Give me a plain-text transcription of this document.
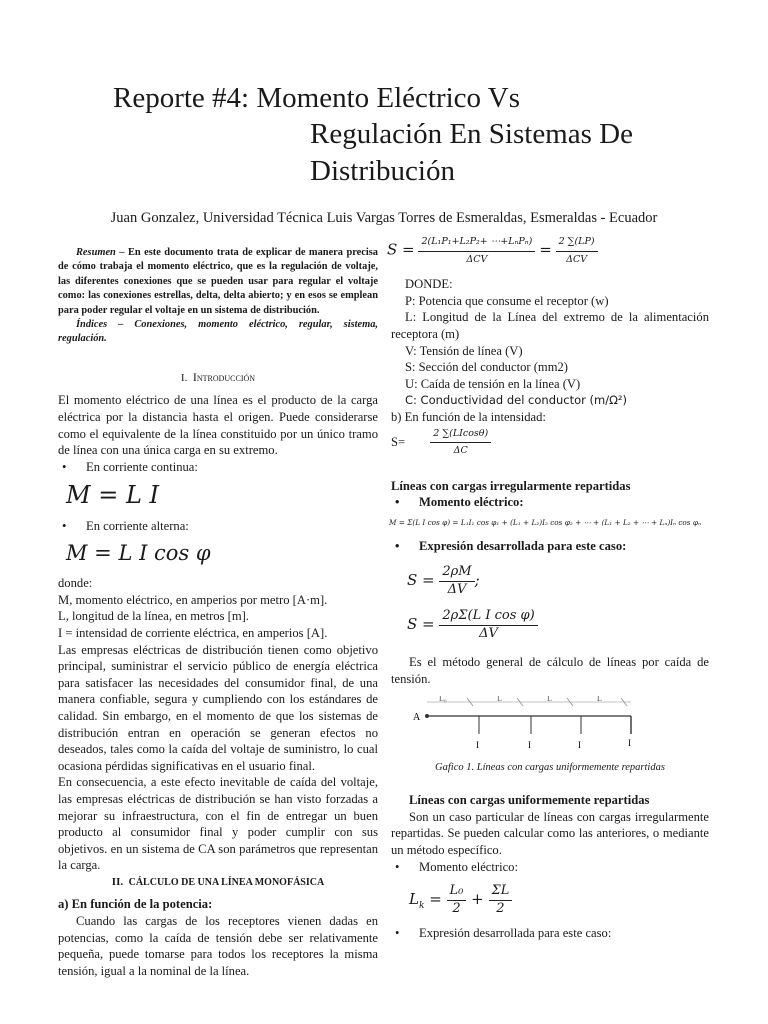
Reporte #4: Momento Eléctrico Vs
Regulación En Sistemas De
Distribución
Juan Gonzalez, Universidad Técnica Luis Vargas Torres de Esmeraldas, Esmeraldas - Ecuador
Resumen – En este documento trata de explicar de manera precisa de cómo trabaja el momento eléctrico, que es la regulación de voltaje, las diferentes conexiones que se pueden usar para regular el voltaje como: las conexiones estrellas, delta, delta abierto; y en esos se emplean para poder regular el voltaje en un sistema de distribución.
Índices – Conexiones, momento eléctrico, regular, sistema, regulación.
I. Introducción
El momento eléctrico de una línea es el producto de la carga eléctrica por la distancia hasta el origen. Puede considerarse como el equivalente de la línea constituido por un único tramo de línea con una única carga en su extremo.
• En corriente continua:
M = L I
• En corriente alterna:
M = L I cos φ
donde:
M, momento eléctrico, en amperios por metro [A·m].
L, longitud de la línea, en metros [m].
I = intensidad de corriente eléctrica, en amperios [A].
Las empresas eléctricas de distribución tienen como objetivo principal, suministrar el servicio público de energía eléctrica para satisfacer las necesidades del consumidor final, de una manera confiable, segura y cumpliendo con los estándares de calidad. Sin embargo, en el momento de que los sistemas de distribución entran en operación se generan efectos no deseados, tales como la caída del voltaje de suministro, lo cual ocasiona pérdidas significativas en el usuario final.
En consecuencia, a este efecto inevitable de caída del voltaje, las empresas eléctricas de distribución se han visto forzadas a mejorar su infraestructura, con el fin de entregar un buen producto al consumidor final y poder cumplir con sus objetivos. en un sistema de CA son parámetros que representan la carga.
II. CÁLCULO DE UNA LÍNEA MONOFÁSICA
a) En función de la potencia:
Cuando las cargas de los receptores vienen dadas en potencias, como la caída de tensión debe ser relativamente pequeña, puede tomarse para todos los receptores la misma tensión, igual a la nominal de la línea.
$S = \frac{\text{2(L₁P₁+L₂P₂+ ⋯+LₙPₙ)}}{\text{ΔCV}} = \frac{2 \sum(LP)}{\text{ΔCV}}$
DONDE:
P: Potencia que consume el receptor (w)
L: Longitud de la Línea del extremo de la alimentación receptora (m)
V: Tensión de línea (V)
S: Sección del conductor (mm2)
U: Caída de tensión en la línea (V)
C: Conductividad del conductor (m/Ω²)
b) En función de la intensidad:
S=	$\frac{2 \sum(LIcos\theta)}{\Delta C}$
Líneas con cargas irregularmente repartidas
• Momento eléctrico:
M = Σ(L I cos φ) = L₁I₁ cos φ₁ + (L₁ + L₂)I₂ cos φ₂ + ⋯ + (L₁ + L₂ + ⋯ + Lₙ)Iₙ cos φₙ
• Expresión desarrollada para este caso:
$S = \frac{2\rho M}{\Delta V}$ ;
$S = \frac{\text{2ρΣ(L I cos φ)}}{\Delta V}$
Es el método general de cálculo de líneas por caída de tensión.
A
L₀	L	L	L
I	I	I	I
Gafico 1. Líneas con cargas uniformemente repartidas
Líneas con cargas uniformemente repartidas
Son un caso particular de líneas con cargas irregularmente repartidas. Se pueden calcular como las anteriores, o mediante un método específico.
• Momento eléctrico:
$L_k = \frac{\text{L₀}}{2} + \frac{\Sigma L}{2}$
• Expresión desarrollada para este caso:
